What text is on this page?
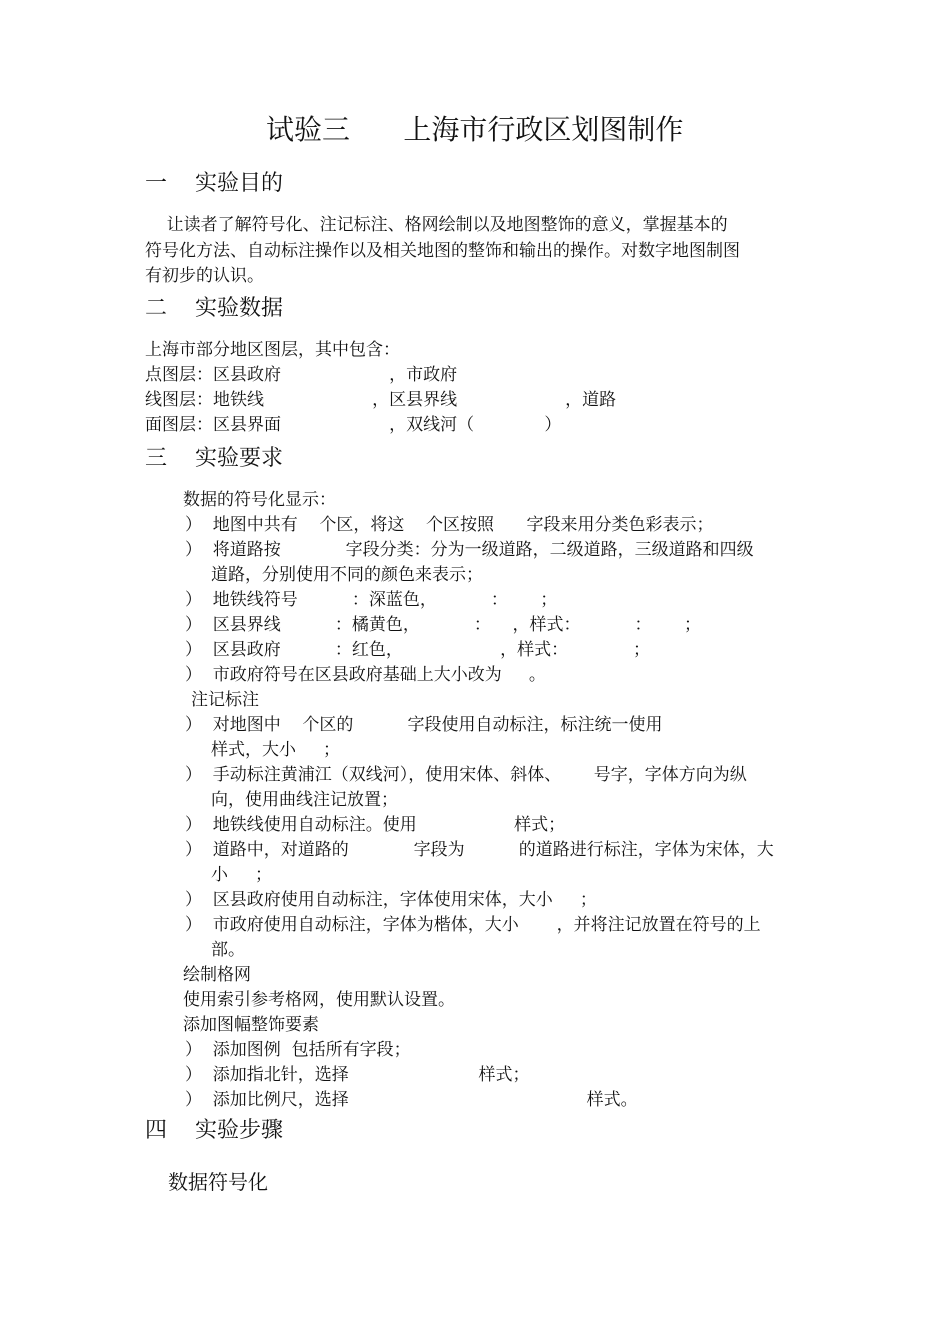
试验三      上海市行政区划图制作
一    实验目的
让读者了解符号化、注记标注、格网绘制以及地图整饰的意义，掌握基本的
符号化方法、自动标注操作以及相关地图的整饰和输出的操作。对数字地图制图
有初步的认识。
二    实验数据
上海市部分地区图层，其中包含：
点图层：区县政府                    ，市政府
线图层：地铁线                    ，区县界线                    ，道路
面图层：区县界面                    ，双线河（             ）
三    实验要求
数据的符号化显示：
）  地图中共有    个区，将这    个区按照      字段来用分类色彩表示；
）  将道路按            字段分类：分为一级道路，二级道路，三级道路和四级
道路，分别使用不同的颜色来表示；
）  地铁线符号          ：深蓝色，          ：      ；
）  区县界线          ：橘黄色，          ：    ，样式：          ：      ；
）  区县政府          ：红色，                  ，样式：            ；
）  市政府符号在区县政府基础上大小改为     。
注记标注
）  对地图中    个区的          字段使用自动标注，标注统一使用
样式，大小     ；
）  手动标注黄浦江（双线河），使用宋体、斜体、      号字，字体方向为纵
向，使用曲线注记放置；
）  地铁线使用自动标注。使用                  样式；
）  道路中，对道路的            字段为          的道路进行标注，字体为宋体，大
小     ；
）  区县政府使用自动标注，字体使用宋体，大小     ；
）  市政府使用自动标注，字体为楷体，大小       ，并将注记放置在符号的上
部。
绘制格网
使用索引参考格网，使用默认设置。
添加图幅整饰要素
）  添加图例  包括所有字段；
）  添加指北针，选择                        样式；
）  添加比例尺，选择                                            样式。
四    实验步骤
数据符号化
